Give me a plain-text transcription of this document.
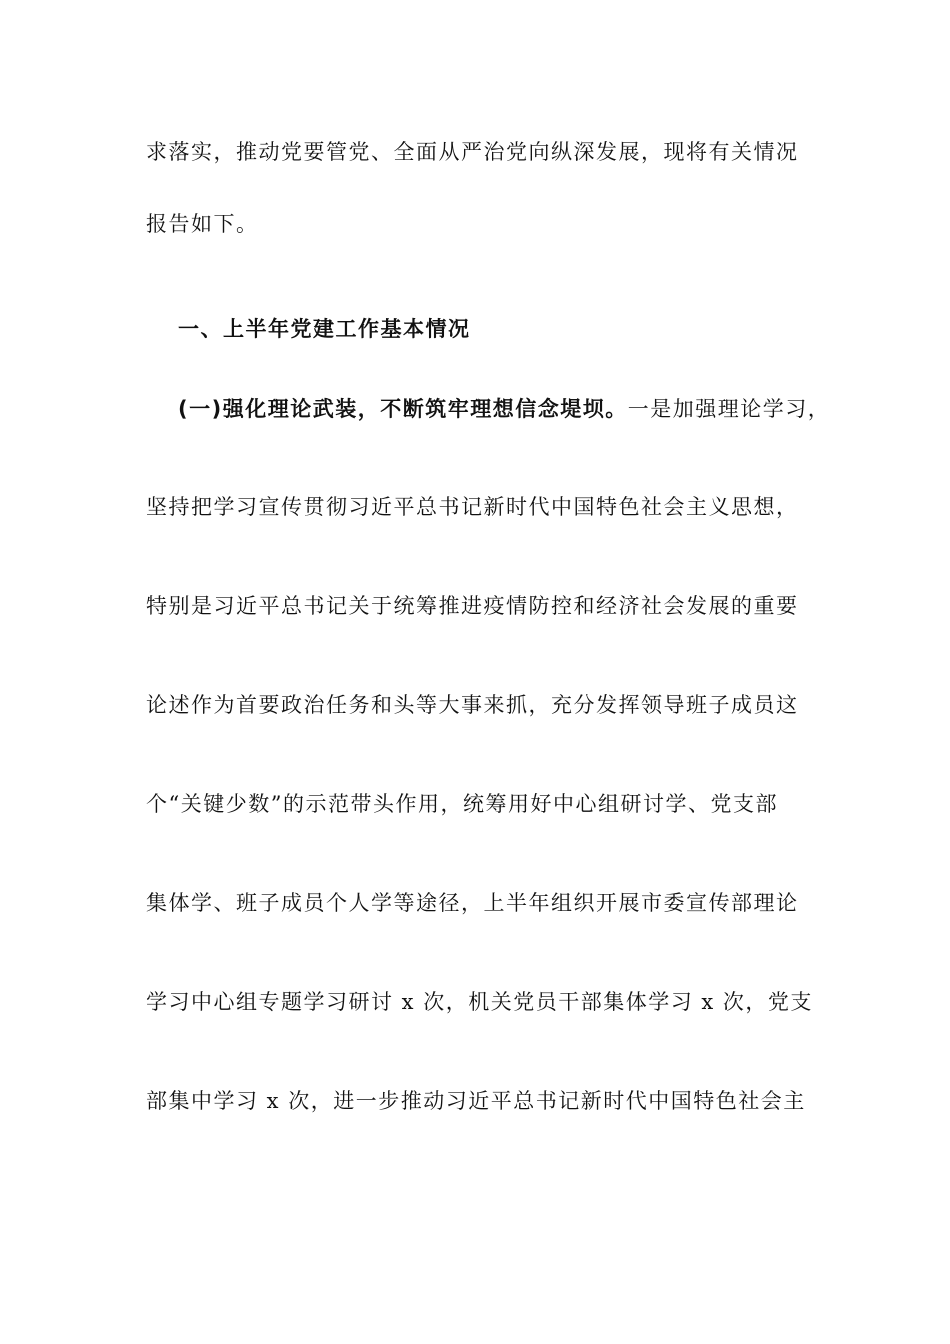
求落实，推动党要管党、全面从严治党向纵深发展，现将有关情况
报告如下。
一、上半年党建工作基本情况
(一)强化理论武装，不断筑牢理想信念堤坝。一是加强理论学习，
坚持把学习宣传贯彻习近平总书记新时代中国特色社会主义思想，
特别是习近平总书记关于统筹推进疫情防控和经济社会发展的重要
论述作为首要政治任务和头等大事来抓，充分发挥领导班子成员这
个“关键少数”的示范带头作用，统筹用好中心组研讨学、党支部
集体学、班子成员个人学等途径，上半年组织开展市委宣传部理论
学习中心组专题学习研讨 x 次，机关党员干部集体学习 x 次，党支
部集中学习 x 次，进一步推动习近平总书记新时代中国特色社会主
